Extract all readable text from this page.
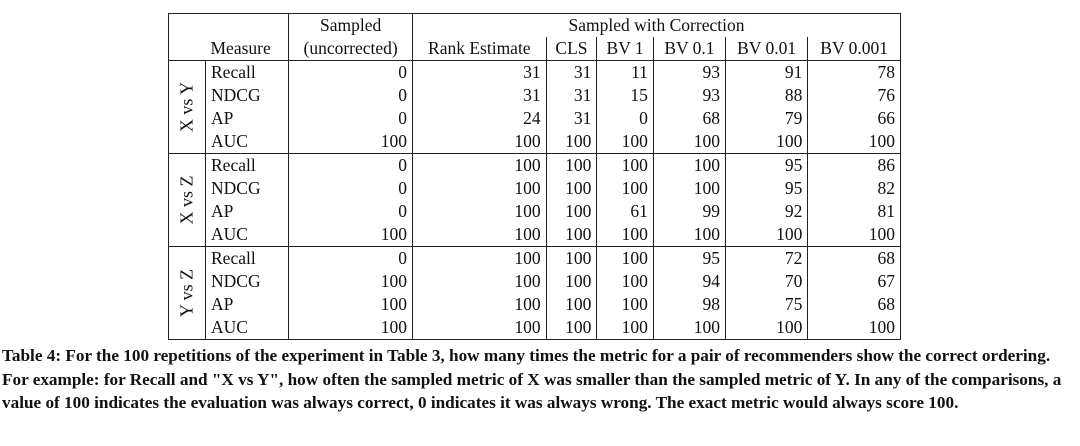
		Sampled	Sampled with Correction					
	Measure	(uncorrected)	Rank Estimate	CLS	BV 1	BV 0.1	BV 0.01	BV 0.001

X vs Y	Recall	0	31	31	11	93	91	78
	NDCG	0	31	31	15	93	88	76
	AP	0	24	31	0	68	79	66
	AUC	100	100	100	100	100	100	100

X vs Z	Recall	0	100	100	100	100	95	86
	NDCG	0	100	100	100	100	95	82
	AP	0	100	100	61	99	92	81
	AUC	100	100	100	100	100	100	100

Y vs Z	Recall	0	100	100	100	95	72	68
	NDCG	100	100	100	100	94	70	67
	AP	100	100	100	100	98	75	68
	AUC	100	100	100	100	100	100	100

Table 4: For the 100 repetitions of the experiment in Table 3, how many times the metric for a pair of recommenders show the correct ordering. For example: for Recall and "X vs Y", how often the sampled metric of X was smaller than the sampled metric of Y. In any of the comparisons, a value of 100 indicates the evaluation was always correct, 0 indicates it was always wrong. The exact metric would always score 100.
